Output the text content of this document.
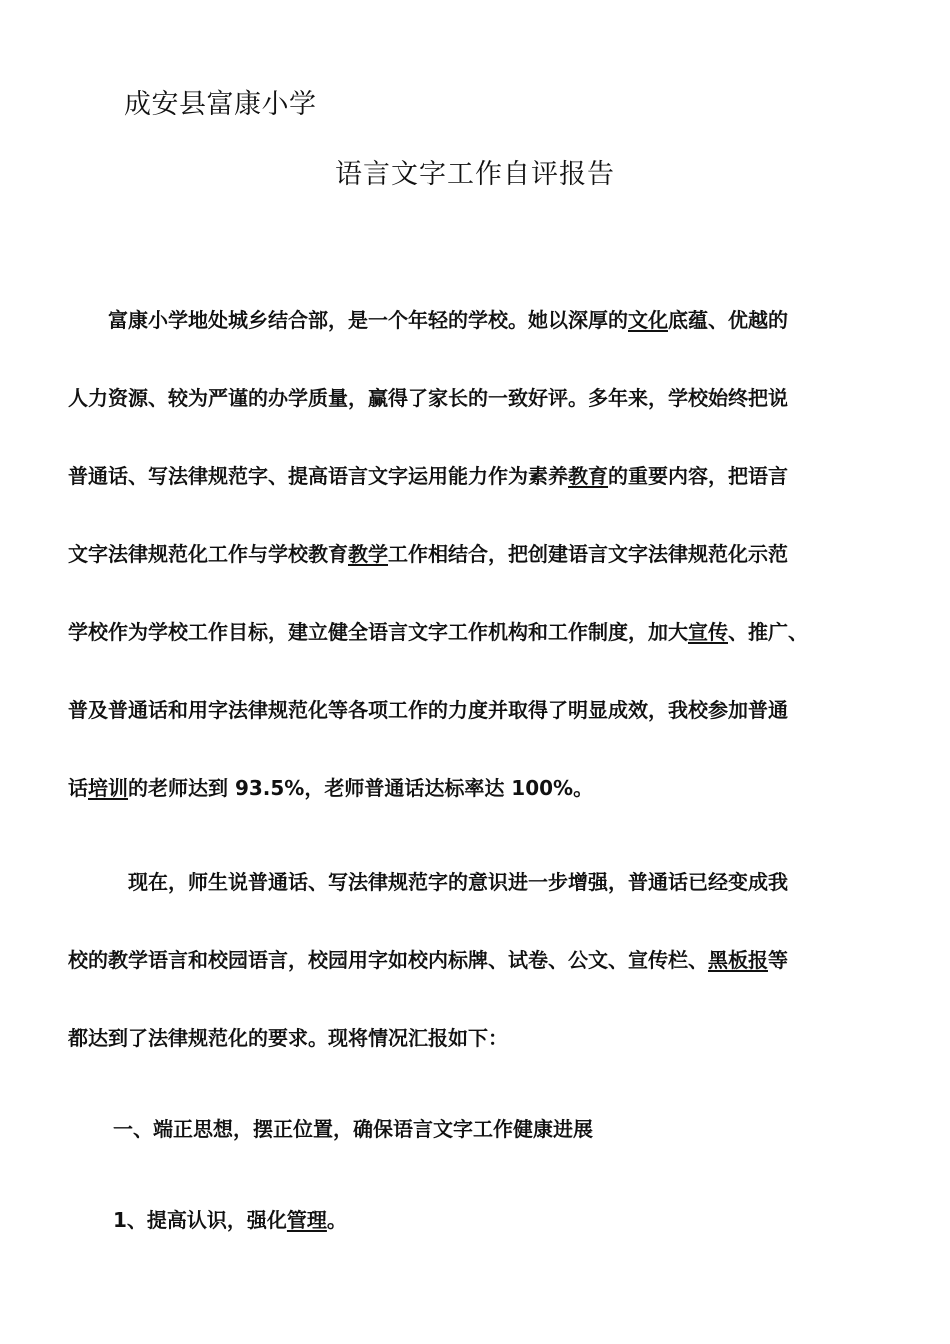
成安县富康小学
语言文字工作自评报告

　　富康小学地处城乡结合部，是一个年轻的学校。她以深厚的文化底蕴、优越的
人力资源、较为严谨的办学质量，赢得了家长的一致好评。多年来，学校始终把说
普通话、写法律规范字、提高语言文字运用能力作为素养教育的重要内容，把语言
文字法律规范化工作与学校教育教学工作相结合，把创建语言文字法律规范化示范
学校作为学校工作目标，建立健全语言文字工作机构和工作制度，加大宣传、推广、
普及普通话和用字法律规范化等各项工作的力度并取得了明显成效，我校参加普通
话培训的老师达到 93.5%，老师普通话达标率达 100%。

　　　现在，师生说普通话、写法律规范字的意识进一步增强，普通话已经变成我
校的教学语言和校园语言，校园用字如校内标牌、试卷、公文、宣传栏、黑板报等
都达到了法律规范化的要求。现将情况汇报如下：

一、端正思想，摆正位置，确保语言文字工作健康进展

1、提高认识，强化管理。
